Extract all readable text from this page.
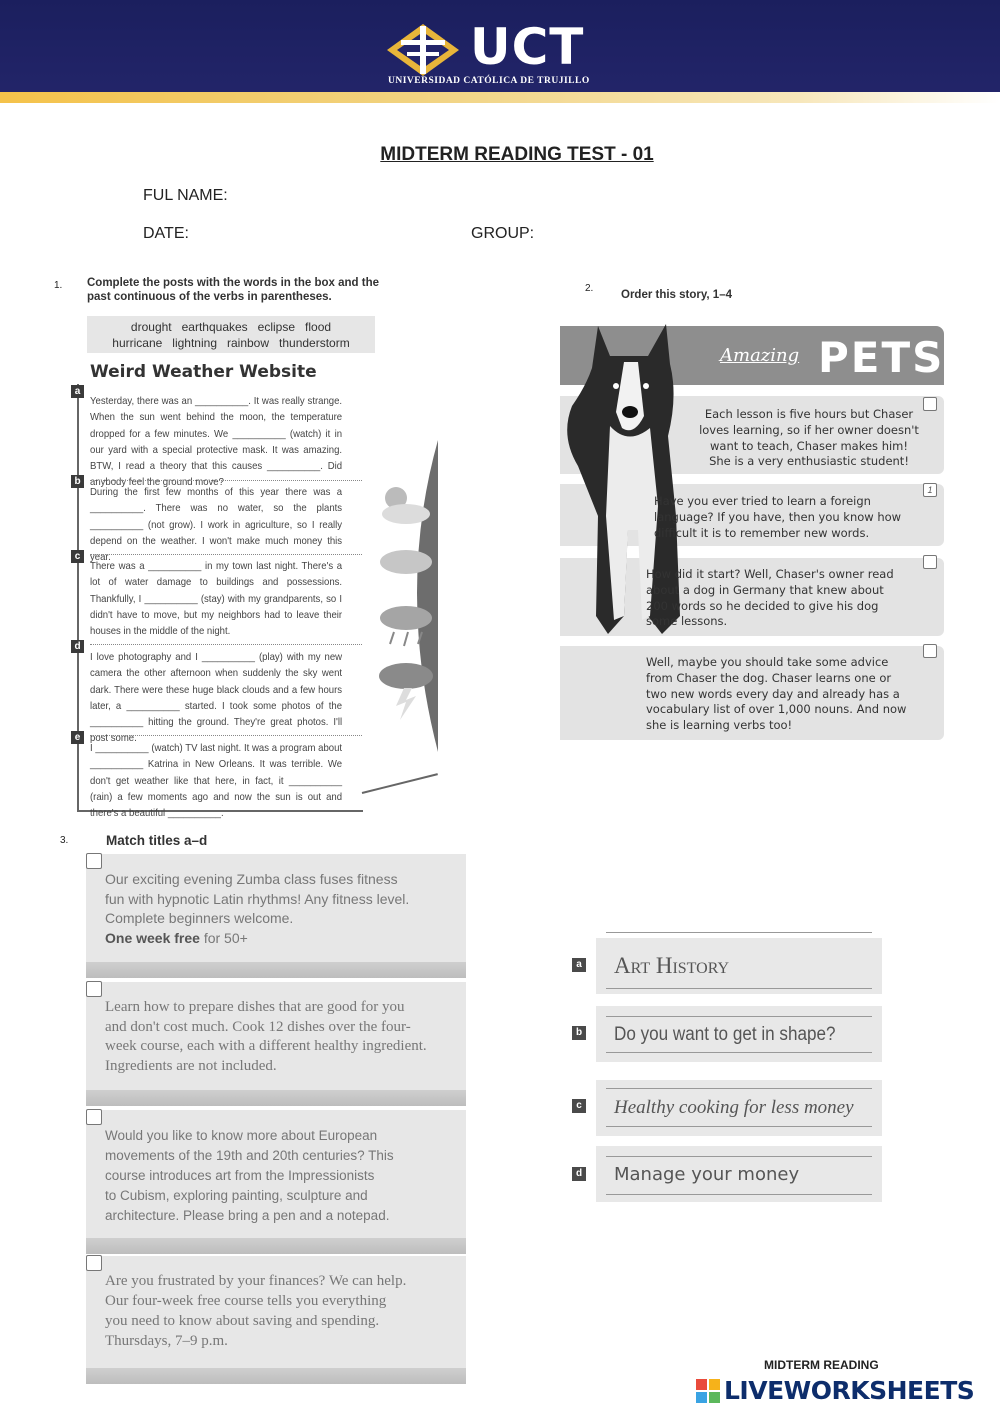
UCT
UNIVERSIDAD CATÓLICA DE TRUJILLO
MIDTERM READING TEST - 01
FUL NAME:
DATE:	GROUP:
1. Complete the posts with the words in the box and the
past continuous of the verbs in parentheses.
drought   earthquakes   eclipse   flood
hurricane   lightning   rainbow   thunderstorm
Weird Weather Website
a
Yesterday, there was an __________. It was really strange. When the sun went behind the moon, the temperature dropped for a few minutes. We __________ (watch) it in our yard with a special protective mask. It was amazing. BTW, I read a theory that this causes __________. Did anybody feel the ground move?
b
During the first few months of this year there was a __________. There was no water, so the plants __________ (not grow). I work in agriculture, so I really depend on the weather. I won't make much money this year.
c
There was a __________ in my town last night. There's a lot of water damage to buildings and possessions. Thankfully, I __________ (stay) with my grandparents, so I didn't have to move, but my neighbors had to leave their houses in the middle of the night.
d
I love photography and I __________ (play) with my new camera the other afternoon when suddenly the sky went dark. There were these huge black clouds and a few hours later, a __________ started. I took some photos of the __________ hitting the ground. They're great photos. I'll post some.
e
I __________ (watch) TV last night. It was a program about __________ Katrina in New Orleans. It was terrible. We don't get weather like that here, in fact, it __________ (rain) a few moments ago and now the sun is out and there's a beautiful __________.
2.
Order this story, 1–4
Amazing PETS
Each lesson is five hours but Chaser
loves learning, so if her owner doesn't
want to teach, Chaser makes him!
She is a very enthusiastic student!
Have you ever tried to learn a foreign
language? If you have, then you know how
difficult it is to remember new words.
How did it start? Well, Chaser's owner read
about a dog in Germany that knew about
200 words so he decided to give his dog
some lessons.
Well, maybe you should take some advice
from Chaser the dog. Chaser learns one or
two new words every day and already has a
vocabulary list of over 1,000 nouns. And now
she is learning verbs too!
1
3.	Match titles a–d
Our exciting evening Zumba class fuses fitness
fun with hypnotic Latin rhythms! Any fitness level.
Complete beginners welcome.
One week free for 50+
Learn how to prepare dishes that are good for you
and don't cost much. Cook 12 dishes over the four-
week course, each with a different healthy ingredient.
Ingredients are not included.
Would you like to know more about European
movements of the 19th and 20th centuries? This
course introduces art from the Impressionists
to Cubism, exploring painting, sculpture and
architecture. Please bring a pen and a notepad.
Are you frustrated by your finances? We can help.
Our four-week free course tells you everything
you need to know about saving and spending.
Thursdays, 7–9 p.m.
a Art History
b Do you want to get in shape?
c Healthy cooking for less money
d Manage your money
MIDTERM READING
LIVEWORKSHEETS
